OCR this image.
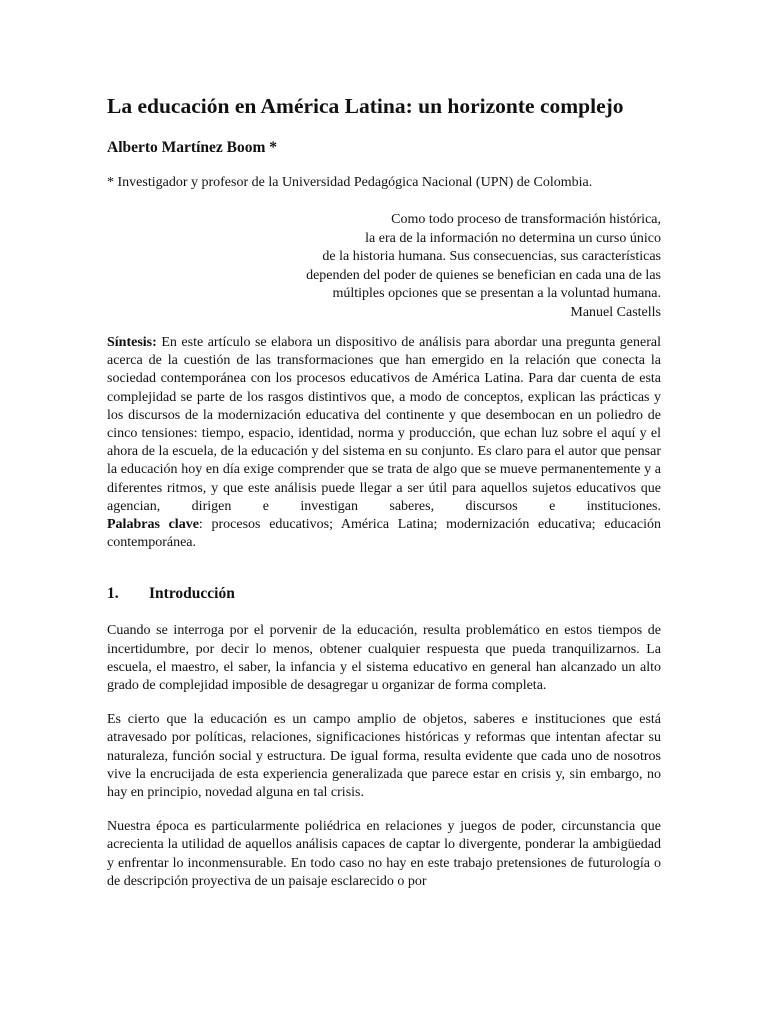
La educación en América Latina: un horizonte complejo
Alberto Martínez Boom *
* Investigador y profesor de la Universidad Pedagógica Nacional (UPN) de Colombia.
Como todo proceso de transformación histórica,
la era de la información no determina un curso único
de la historia humana. Sus consecuencias, sus características
dependen del poder de quienes se benefician en cada una de las
múltiples opciones que se presentan a la voluntad humana.
Manuel Castells
Síntesis: En este artículo se elabora un dispositivo de análisis para abordar una pregunta general acerca de la cuestión de las transformaciones que han emergido en la relación que conecta la sociedad contemporánea con los procesos educativos de América Latina. Para dar cuenta de esta complejidad se parte de los rasgos distintivos que, a modo de conceptos, explican las prácticas y los discursos de la modernización educativa del continente y que desembocan en un poliedro de cinco tensiones: tiempo, espacio, identidad, norma y producción, que echan luz sobre el aquí y el ahora de la escuela, de la educación y del sistema en su conjunto. Es claro para el autor que pensar la educación hoy en día exige comprender que se trata de algo que se mueve permanentemente y a diferentes ritmos, y que este análisis puede llegar a ser útil para aquellos sujetos educativos que agencian, dirigen e investigan saberes, discursos e instituciones.
Palabras clave: procesos educativos; América Latina; modernización educativa; educación contemporánea.
1. Introducción

Cuando se interroga por el porvenir de la educación, resulta problemático en estos tiempos de incertidumbre, por decir lo menos, obtener cualquier respuesta que pueda tranquilizarnos. La escuela, el maestro, el saber, la infancia y el sistema educativo en general han alcanzado un alto grado de complejidad imposible de desagregar u organizar de forma completa.

Es cierto que la educación es un campo amplio de objetos, saberes e instituciones que está atravesado por políticas, relaciones, significaciones históricas y reformas que intentan afectar su naturaleza, función social y estructura. De igual forma, resulta evidente que cada uno de nosotros vive la encrucijada de esta experiencia generalizada que parece estar en crisis y, sin embargo, no hay en principio, novedad alguna en tal crisis.

Nuestra época es particularmente poliédrica en relaciones y juegos de poder, circunstancia que acrecienta la utilidad de aquellos análisis capaces de captar lo divergente, ponderar la ambigüedad y enfrentar lo inconmensurable. En todo caso no hay en este trabajo pretensiones de futurología o de descripción proyectiva de un paisaje esclarecido o por
